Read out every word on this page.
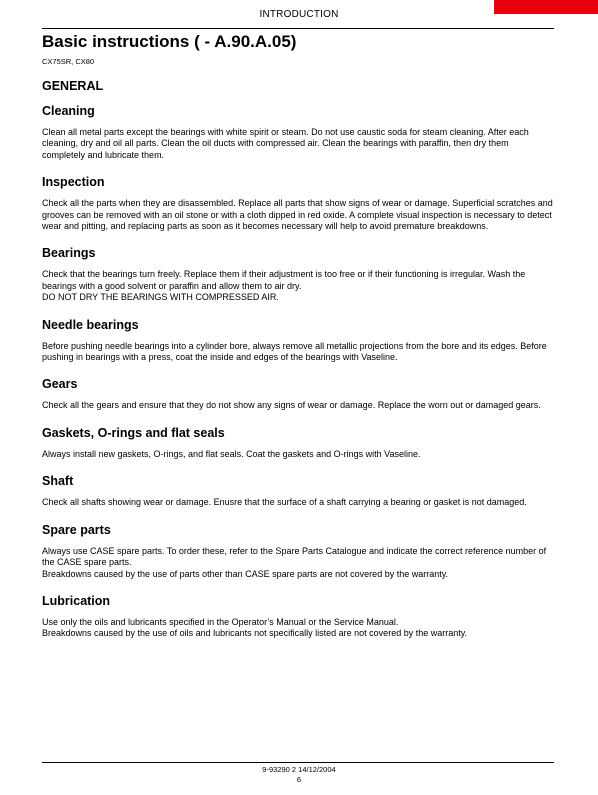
INTRODUCTION
Basic instructions ( - A.90.A.05)
CX75SR, CX80
GENERAL
Cleaning

Clean all metal parts except the bearings with white spirit or steam. Do not use caustic soda for steam cleaning. After each cleaning, dry and oil all parts. Clean the oil ducts with compressed air. Clean the bearings with paraffin, then dry them completely and lubricate them.

Inspection

Check all the parts when they are disassembled. Replace all parts that show signs of wear or damage. Superficial scratches and grooves can be removed with an oil stone or with a cloth dipped in red oxide. A complete visual inspection is necessary to detect wear and pitting, and replacing parts as soon as it becomes necessary will help to avoid premature breakdowns.

Bearings

Check that the bearings turn freely. Replace them if their adjustment is too free or if their functioning is irregular. Wash the bearings with a good solvent or paraffin and allow them to air dry.

DO NOT DRY THE BEARINGS WITH COMPRESSED AIR.

Needle bearings

Before pushing needle bearings into a cylinder bore, always remove all metallic projections from the bore and its edges. Before pushing in bearings with a press, coat the inside and edges of the bearings with Vaseline.

Gears

Check all the gears and ensure that they do not show any signs of wear or damage. Replace the worn out or damaged gears.

Gaskets, O-rings and flat seals

Always install new gaskets, O-rings, and flat seals. Coat the gaskets and O-rings with Vaseline.

Shaft

Check all shafts showing wear or damage. Enusre that the surface of a shaft carrying a bearing or gasket is not damaged.

Spare parts

Always use CASE spare parts. To order these, refer to the Spare Parts Catalogue and indicate the correct reference number of the CASE spare parts.

Breakdowns caused by the use of parts other than CASE spare parts are not covered by the warranty.

Lubrication

Use only the oils and lubricants specified in the Operator’s Manual or the Service Manual.

Breakdowns caused by the use of oils and lubricants not specifically listed are not covered by the warranty.

9-93290 2 14/12/2004
6
